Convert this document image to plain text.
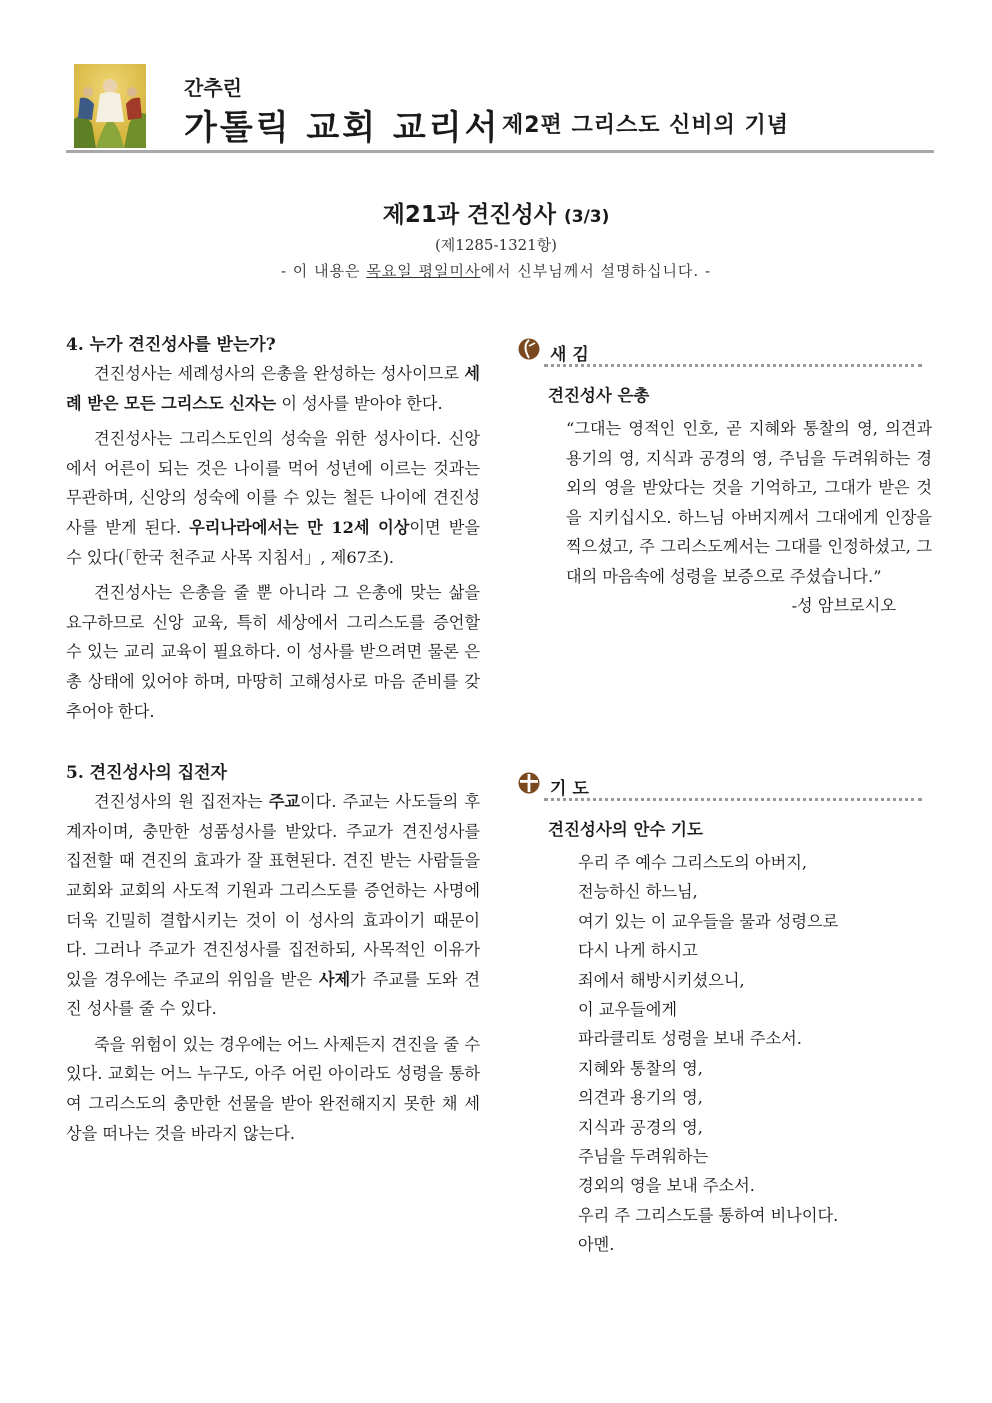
간추린
가톨릭 교회 교리서 제2편 그리스도 신비의 기념
제21과 견진성사 (3/3)
(제1285-1321항)
- 이 내용은 목요일 평일미사에서 신부님께서 설명하십니다. -
4. 누가 견진성사를 받는가?

견진성사는 세례성사의 은총을 완성하는 성사이므로 세례 받은 모든 그리스도 신자는 이 성사를 받아야 한다.

견진성사는 그리스도인의 성숙을 위한 성사이다. 신앙에서 어른이 되는 것은 나이를 먹어 성년에 이르는 것과는 무관하며, 신앙의 성숙에 이를 수 있는 철든 나이에 견진성사를 받게 된다. 우리나라에서는 만 12세 이상이면 받을 수 있다(「한국 천주교 사목 지침서」, 제67조).

견진성사는 은총을 줄 뿐 아니라 그 은총에 맞는 삶을 요구하므로 신앙 교육, 특히 세상에서 그리스도를 증언할 수 있는 교리 교육이 필요하다. 이 성사를 받으려면 물론 은총 상태에 있어야 하며, 마땅히 고해성사로 마음 준비를 갖추어야 한다.

5. 견진성사의 집전자

견진성사의 원 집전자는 주교이다. 주교는 사도들의 후계자이며, 충만한 성품성사를 받았다. 주교가 견진성사를 집전할 때 견진의 효과가 잘 표현된다. 견진 받는 사람들을 교회와 교회의 사도적 기원과 그리스도를 증언하는 사명에 더욱 긴밀히 결합시키는 것이 이 성사의 효과이기 때문이다. 그러나 주교가 견진성사를 집전하되, 사목적인 이유가 있을 경우에는 주교의 위임을 받은 사제가 주교를 도와 견진 성사를 줄 수 있다.

죽을 위험이 있는 경우에는 어느 사제든지 견진을 줄 수 있다. 교회는 어느 누구도, 아주 어린 아이라도 성령을 통하여 그리스도의 충만한 선물을 받아 완전해지지 못한 채 세상을 떠나는 것을 바라지 않는다.

새김
견진성사 은총
“그대는 영적인 인호, 곧 지혜와 통찰의 영, 의견과 용기의 영, 지식과 공경의 영, 주님을 두려워하는 경외의 영을 받았다는 것을 기억하고, 그대가 받은 것을 지키십시오. 하느님 아버지께서 그대에게 인장을 찍으셨고, 주 그리스도께서는 그대를 인정하셨고, 그대의 마음속에 성령을 보증으로 주셨습니다.”
-성 암브로시오
기도
견진성사의 안수 기도
우리 주 예수 그리스도의 아버지,
전능하신 하느님,
여기 있는 이 교우들을 물과 성령으로
다시 나게 하시고
죄에서 해방시키셨으니,
이 교우들에게
파라클리토 성령을 보내 주소서.
지혜와 통찰의 영,
의견과 용기의 영,
지식과 공경의 영,
주님을 두려워하는
경외의 영을 보내 주소서.
우리 주 그리스도를 통하여 비나이다.
아멘.
